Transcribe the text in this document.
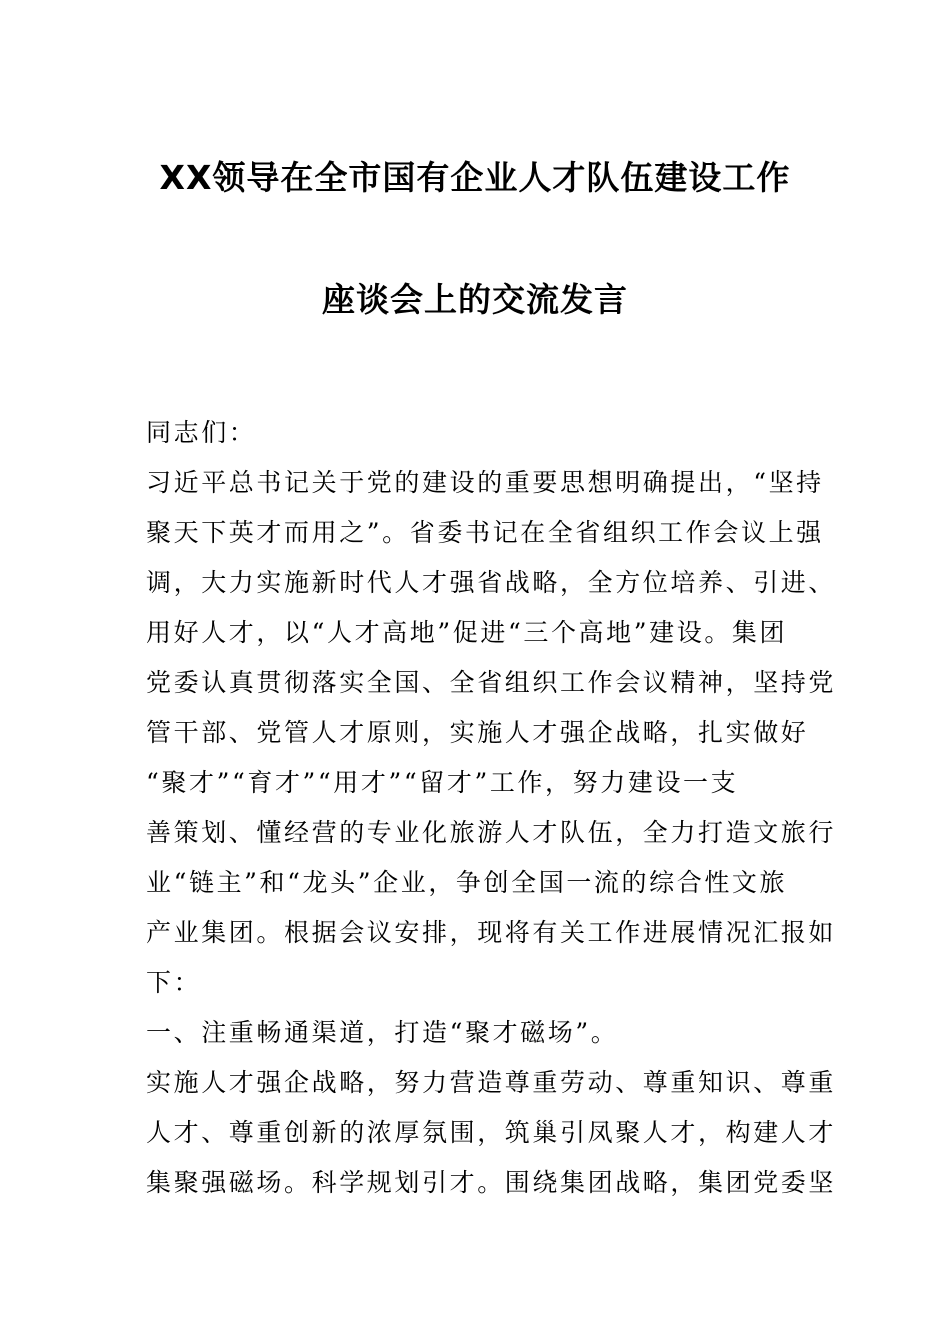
XX领导在全市国有企业人才队伍建设工作
座谈会上的交流发言
同志们：
习近平总书记关于党的建设的重要思想明确提出，“坚持
聚天下英才而用之”。省委书记在全省组织工作会议上强
调，大力实施新时代人才强省战略，全方位培养、引进、
用好人才，以“人才高地”促进“三个高地”建设。集团
党委认真贯彻落实全国、全省组织工作会议精神，坚持党
管干部、党管人才原则，实施人才强企战略，扎实做好
“聚才”“育才”“用才”“留才”工作，努力建设一支
善策划、懂经营的专业化旅游人才队伍，全力打造文旅行
业“链主”和“龙头”企业，争创全国一流的综合性文旅
产业集团。根据会议安排，现将有关工作进展情况汇报如
下：
一、注重畅通渠道，打造“聚才磁场”。
实施人才强企战略，努力营造尊重劳动、尊重知识、尊重
人才、尊重创新的浓厚氛围，筑巢引凤聚人才，构建人才
集聚强磁场。科学规划引才。围绕集团战略，集团党委坚
